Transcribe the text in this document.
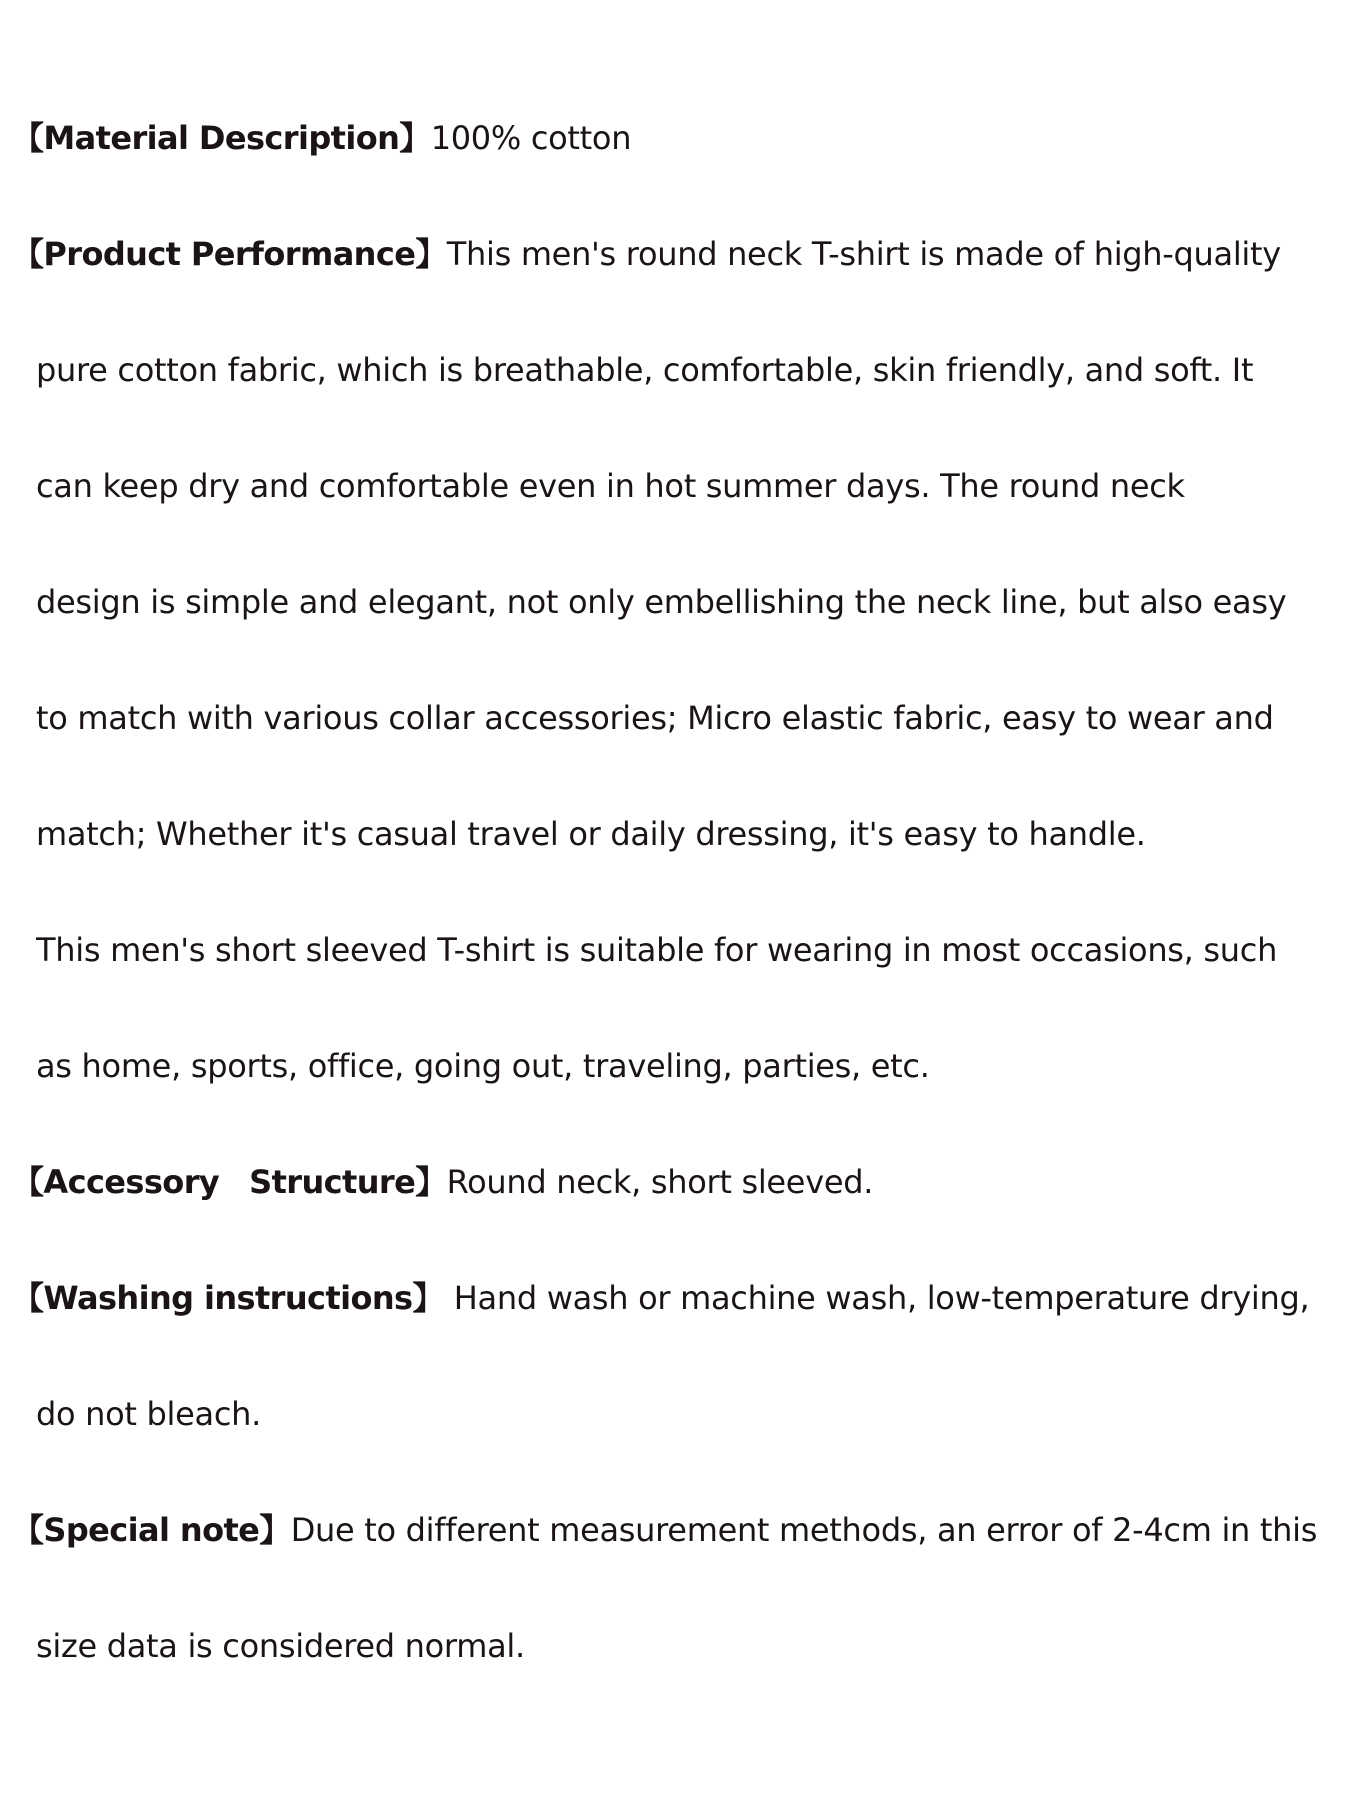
【Material Description】100% cotton
【Product Performance】This men's round neck T-shirt is made of high-quality
pure cotton fabric, which is breathable, comfortable, skin friendly, and soft. It
can keep dry and comfortable even in hot summer days. The round neck
design is simple and elegant, not only embellishing the neck line, but also easy
to match with various collar accessories; Micro elastic fabric, easy to wear and
match; Whether it's casual travel or daily dressing, it's easy to handle.
This men's short sleeved T-shirt is suitable for wearing in most occasions, such
as home, sports, office, going out, traveling, parties, etc.
【Accessory Structure】Round neck, short sleeved.
【Washing instructions】 Hand wash or machine wash, low-temperature drying,
do not bleach.
【Special note】Due to different measurement methods, an error of 2-4cm in this
size data is considered normal.
